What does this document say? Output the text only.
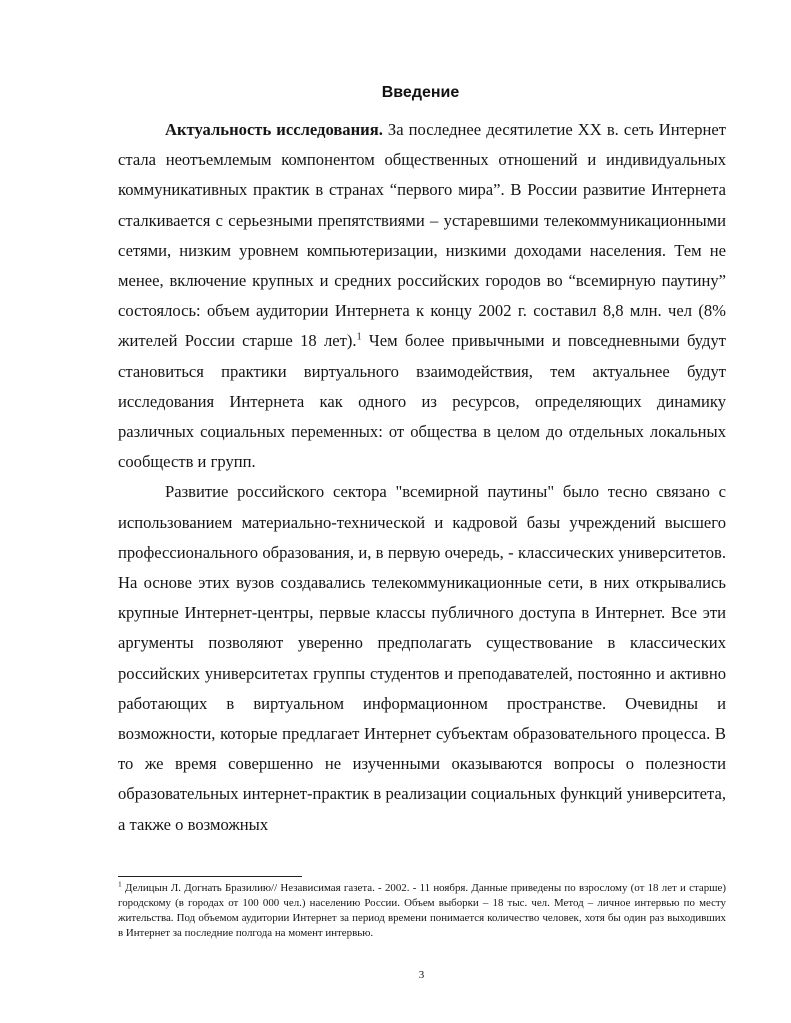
Введение

Актуальность исследования. За последнее десятилетие XX в. сеть Интернет стала неотъемлемым компонентом общественных отношений и индивидуальных коммуникативных практик в странах “первого мира”. В России развитие Интернета сталкивается с серьезными препятствиями – устаревшими телекоммуникационными сетями, низким уровнем компьютеризации, низкими доходами населения. Тем не менее, включение крупных и средних российских городов во “всемирную паутину” состоялось: объем аудитории Интернета к концу 2002 г. составил 8,8 млн. чел (8% жителей России старше 18 лет).$^1$ Чем более привычными и повседневными будут становиться практики виртуального взаимодействия, тем актуальнее будут исследования Интернета как одного из ресурсов, определяющих динамику различных социальных переменных: от общества в целом до отдельных локальных сообществ и групп.

Развитие российского сектора "всемирной паутины" было тесно связано с использованием материально-технической и кадровой базы учреждений высшего профессионального образования, и, в первую очередь, - классических университетов. На основе этих вузов создавались телекоммуникационные сети, в них открывались крупные Интернет-центры, первые классы публичного доступа в Интернет. Все эти аргументы позволяют уверенно предполагать существование в классических российских университетах группы студентов и преподавателей, постоянно и активно работающих в виртуальном информационном пространстве. Очевидны и возможности, которые предлагает Интернет субъектам образовательного процесса. В то же время совершенно не изученными оказываются вопросы о полезности образовательных интернет-практик в реализации социальных функций университета, а также о возможных

$^1$ Делицын Л. Догнать Бразилию// Независимая газета. - 2002. - 11 ноября. Данные приведены по взрослому (от 18 лет и старше) городскому (в городах от 100 000 чел.) населению России. Объем выборки – 18 тыс. чел. Метод – личное интервью по месту жительства. Под объемом аудитории Интернет за период времени понимается количество человек, хотя бы один раз выходивших в Интернет за последние полгода на момент интервью.
3
